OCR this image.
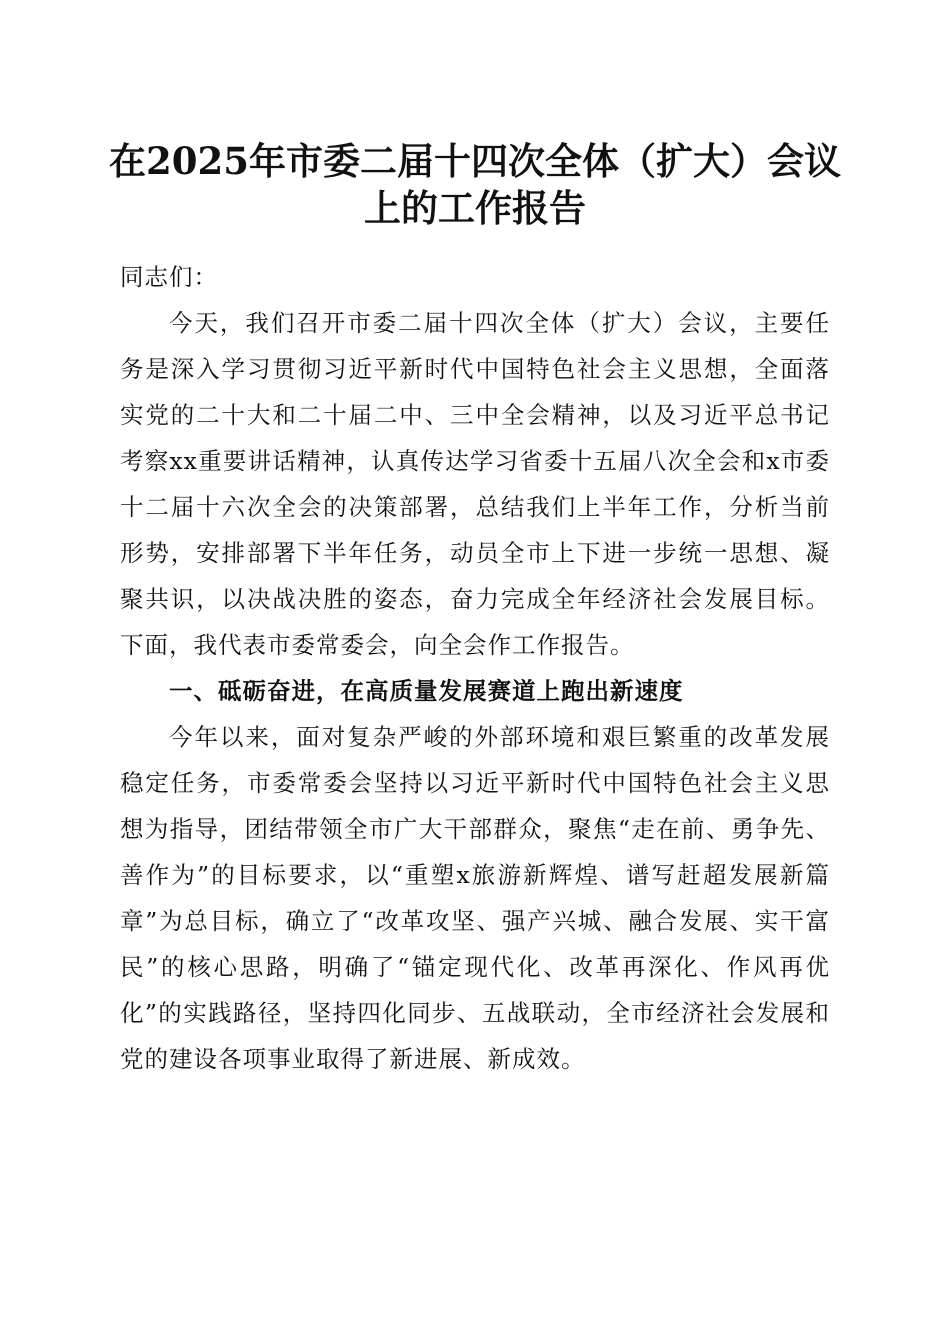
在2025年市委二届十四次全体（扩大）会议
上的工作报告

同志们：

今天，我们召开市委二届十四次全体（扩大）会议，主要任务是深入学习贯彻习近平新时代中国特色社会主义思想，全面落实党的二十大和二十届二中、三中全会精神，以及习近平总书记考察xx重要讲话精神，认真传达学习省委十五届八次全会和x市委十二届十六次全会的决策部署，总结我们上半年工作，分析当前形势，安排部署下半年任务，动员全市上下进一步统一思想、凝聚共识，以决战决胜的姿态，奋力完成全年经济社会发展目标。下面，我代表市委常委会，向全会作工作报告。

一、砥砺奋进，在高质量发展赛道上跑出新速度

今年以来，面对复杂严峻的外部环境和艰巨繁重的改革发展稳定任务，市委常委会坚持以习近平新时代中国特色社会主义思想为指导，团结带领全市广大干部群众，聚焦“走在前、勇争先、善作为”的目标要求，以“重塑x旅游新辉煌、谱写赶超发展新篇章”为总目标，确立了“改革攻坚、强产兴城、融合发展、实干富民”的核心思路，明确了“锚定现代化、改革再深化、作风再优化”的实践路径，坚持四化同步、五战联动，全市经济社会发展和党的建设各项事业取得了新进展、新成效。
